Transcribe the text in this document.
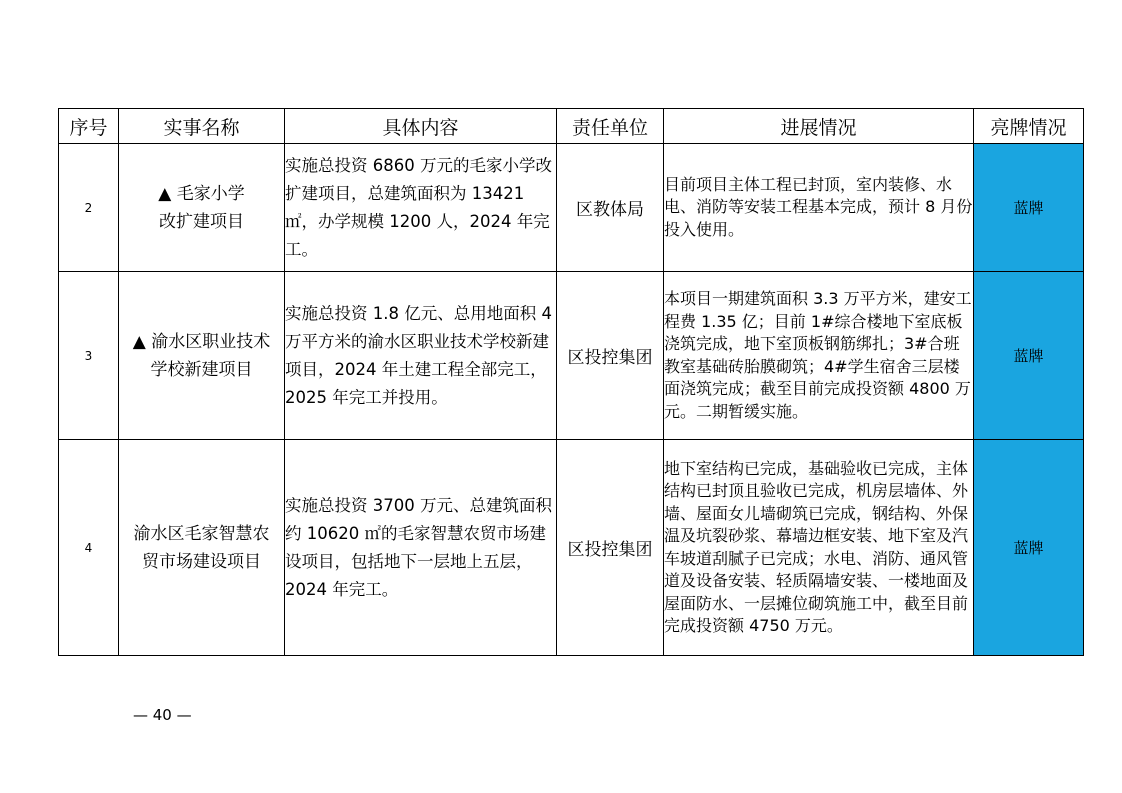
序号	实事名称	具体内容	责任单位	进展情况	亮牌情况
2	▲ 毛家小学
改扩建项目	实施总投资 6860 万元的毛家小学改扩建项目，总建筑面积为 13421 ㎡，办学规模 1200 人，2024 年完工。	区教体局	目前项目主体工程已封顶，室内装修、水电、消防等安装工程基本完成，预计 8 月份投入使用。	蓝牌
3	▲ 渝水区职业技术
学校新建项目	实施总投资 1.8 亿元、总用地面积 4 万平方米的渝水区职业技术学校新建项目，2024 年土建工程全部完工，2025 年完工并投用。	区投控集团	本项目一期建筑面积 3.3 万平方米，建安工程费 1.35 亿；目前 1#综合楼地下室底板浇筑完成，地下室顶板钢筋绑扎；3#合班教室基础砖胎膜砌筑；4#学生宿舍三层楼面浇筑完成；截至目前完成投资额 4800 万元。二期暂缓实施。	蓝牌
4	渝水区毛家智慧农
贸市场建设项目	实施总投资 3700 万元、总建筑面积约 10620 ㎡的毛家智慧农贸市场建设项目，包括地下一层地上五层，2024 年完工。	区投控集团	地下室结构已完成，基础验收已完成，主体结构已封顶且验收已完成，机房层墙体、外墙、屋面女儿墙砌筑已完成，钢结构、外保温及坑裂砂浆、幕墙边框安装、地下室及汽车坡道刮腻子已完成；水电、消防、通风管道及设备安装、轻质隔墙安装、一楼地面及屋面防水、一层摊位砌筑施工中，截至目前完成投资额 4750 万元。	蓝牌
— 40 —
